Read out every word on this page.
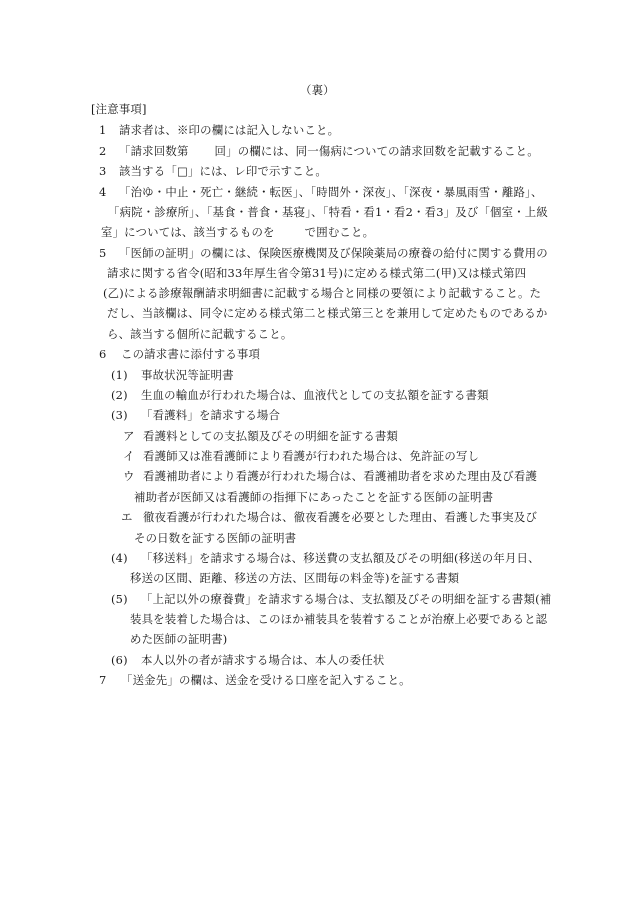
（裏）
[注意事項]
1 請求者は、※印の欄には記入しないこと。
2 「請求回数第 回」の欄には、同一傷病についての請求回数を記載すること。
3 該当する「□」には、レ印で示すこと。
4 「治ゆ・中止・死亡・継続・転医」、「時間外・深夜」、「深夜・暴風雨雪・離路」、
「病院・診療所」、「基食・普食・基寝」、「特看・看1・看2・看3」及び「個室・上級
室」については、該当するものを	で囲むこと。
5 「医師の証明」の欄には、保険医療機関及び保険薬局の療養の給付に関する費用の
請求に関する省令(昭和33年厚生省令第31号)に定める様式第二(甲)又は様式第四
(乙)による診療報酬請求明細書に記載する場合と同様の要領により記載すること。た
だし、当該欄は、同令に定める様式第二と様式第三とを兼用して定めたものであるか
ら、該当する個所に記載すること。
6 この請求書に添付する事項
(1) 事故状況等証明書
(2) 生血の輸血が行われた場合は、血液代としての支払額を証する書類
(3) 「看護料」を請求する場合
ア 看護料としての支払額及びその明細を証する書類
イ 看護師又は准看護師により看護が行われた場合は、免許証の写し
ウ 看護補助者により看護が行われた場合は、看護補助者を求めた理由及び看護
補助者が医師又は看護師の指揮下にあったことを証する医師の証明書
エ 徹夜看護が行われた場合は、徹夜看護を必要とした理由、看護した事実及び
その日数を証する医師の証明書
(4) 「移送料」を請求する場合は、移送費の支払額及びその明細(移送の年月日、
移送の区間、距離、移送の方法、区間毎の料金等)を証する書類
(5) 「上記以外の療養費」を請求する場合は、支払額及びその明細を証する書類(補
装具を装着した場合は、このほか補装具を装着することが治療上必要であると認
めた医師の証明書)
(6) 本人以外の者が請求する場合は、本人の委任状
7 「送金先」の欄は、送金を受ける口座を記入すること。
